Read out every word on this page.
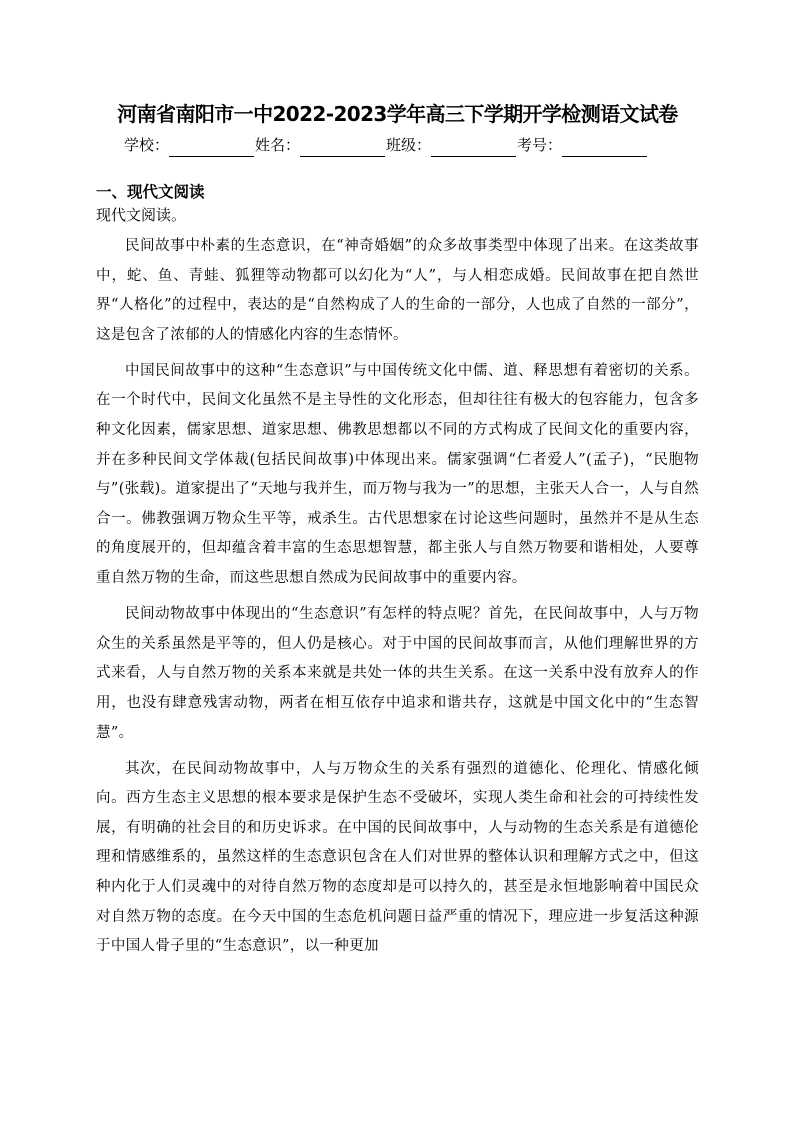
河南省南阳市一中2022-2023学年高三下学期开学检测语文试卷
学校：	姓名：	班级：	考号：
一、现代文阅读
现代文阅读。

民间故事中朴素的生态意识，在“神奇婚姻”的众多故事类型中体现了出来。在这类故事中，蛇、鱼、青蛙、狐狸等动物都可以幻化为“人”，与人相恋成婚。民间故事在把自然世界“人格化”的过程中，表达的是“自然构成了人的生命的一部分，人也成了自然的一部分”，这是包含了浓郁的人的情感化内容的生态情怀。

中国民间故事中的这种“生态意识”与中国传统文化中儒、道、释思想有着密切的关系。在一个时代中，民间文化虽然不是主导性的文化形态，但却往往有极大的包容能力，包含多种文化因素，儒家思想、道家思想、佛教思想都以不同的方式构成了民间文化的重要内容，并在多种民间文学体裁(包括民间故事)中体现出来。儒家强调“仁者爱人”(孟子)，“民胞物与”(张载)。道家提出了“天地与我并生，而万物与我为一”的思想，主张天人合一，人与自然合一。佛教强调万物众生平等，戒杀生。古代思想家在讨论这些问题时，虽然并不是从生态的角度展开的，但却蕴含着丰富的生态思想智慧，都主张人与自然万物要和谐相处，人要尊重自然万物的生命，而这些思想自然成为民间故事中的重要内容。

民间动物故事中体现出的“生态意识”有怎样的特点呢？首先，在民间故事中，人与万物众生的关系虽然是平等的，但人仍是核心。对于中国的民间故事而言，从他们理解世界的方式来看，人与自然万物的关系本来就是共处一体的共生关系。在这一关系中没有放弃人的作用，也没有肆意残害动物，两者在相互依存中追求和谐共存，这就是中国文化中的“生态智慧”。

其次，在民间动物故事中，人与万物众生的关系有强烈的道德化、伦理化、情感化倾向。西方生态主义思想的根本要求是保护生态不受破坏，实现人类生命和社会的可持续性发展，有明确的社会目的和历史诉求。在中国的民间故事中，人与动物的生态关系是有道德伦理和情感维系的，虽然这样的生态意识包含在人们对世界的整体认识和理解方式之中，但这种内化于人们灵魂中的对待自然万物的态度却是可以持久的，甚至是永恒地影响着中国民众对自然万物的态度。在今天中国的生态危机问题日益严重的情况下，理应进一步复活这种源于中国人骨子里的“生态意识”，以一种更加
